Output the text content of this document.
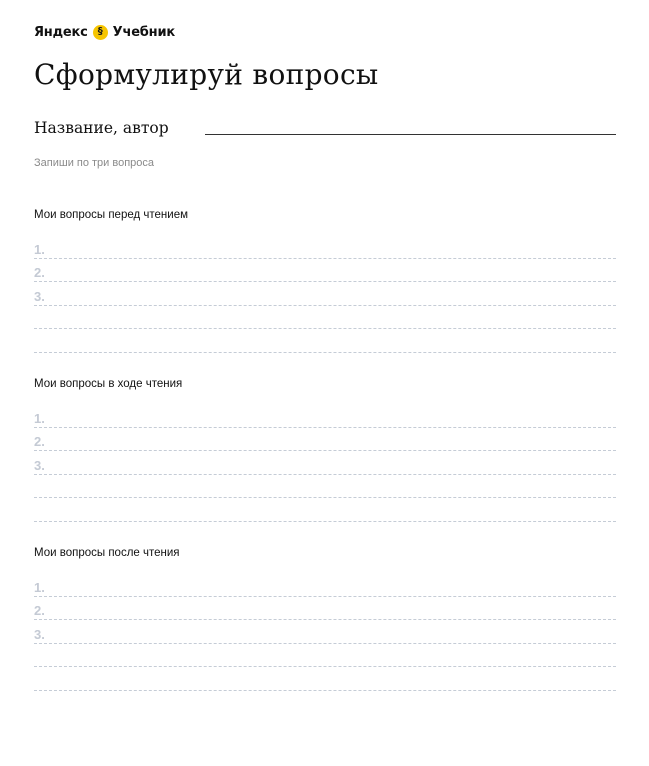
Яндекс	§ Учебник
Сформулируй вопросы
Название, автор
Запиши по три вопроса
Мои вопросы перед чтением
1.
2.
3.
Мои вопросы в ходе чтения
1.
2.
3.
Мои вопросы после чтения
1.
2.
3.
